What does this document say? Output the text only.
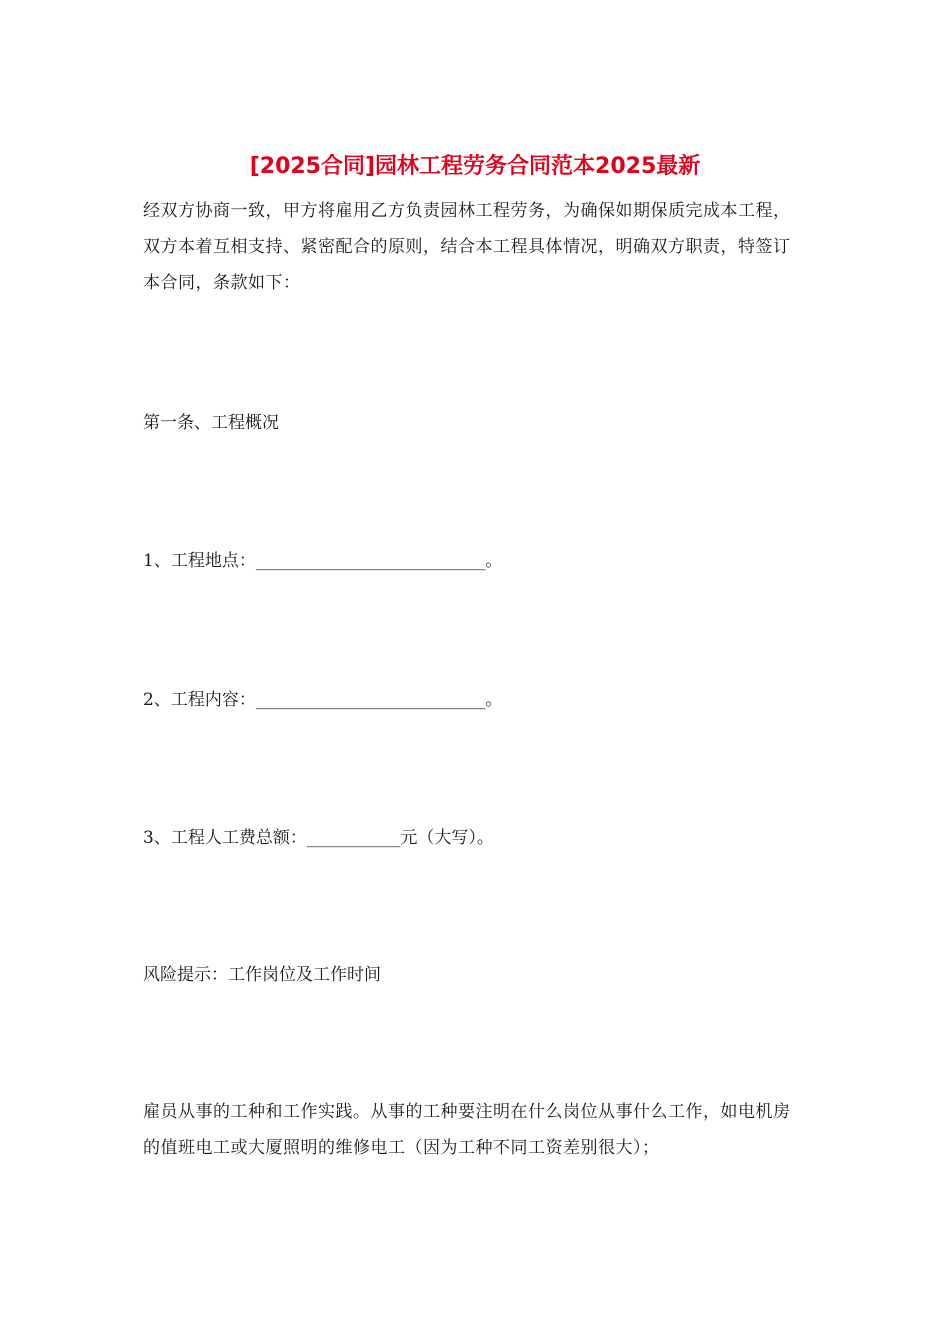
[2025合同]园林工程劳务合同范本2025最新

经双方协商一致，甲方将雇用乙方负责园林工程劳务，为确保如期保质完成本工程，双方本着互相支持、紧密配合的原则，结合本工程具体情况，明确双方职责，特签订本合同，条款如下：

第一条、工程概况

1、工程地点：___________________________。

2、工程内容：___________________________。

3、工程人工费总额：___________元（大写）。

风险提示：工作岗位及工作时间

雇员从事的工种和工作实践。从事的工种要注明在什么岗位从事什么工作，如电机房的值班电工或大厦照明的维修电工（因为工种不同工资差别很大）；
